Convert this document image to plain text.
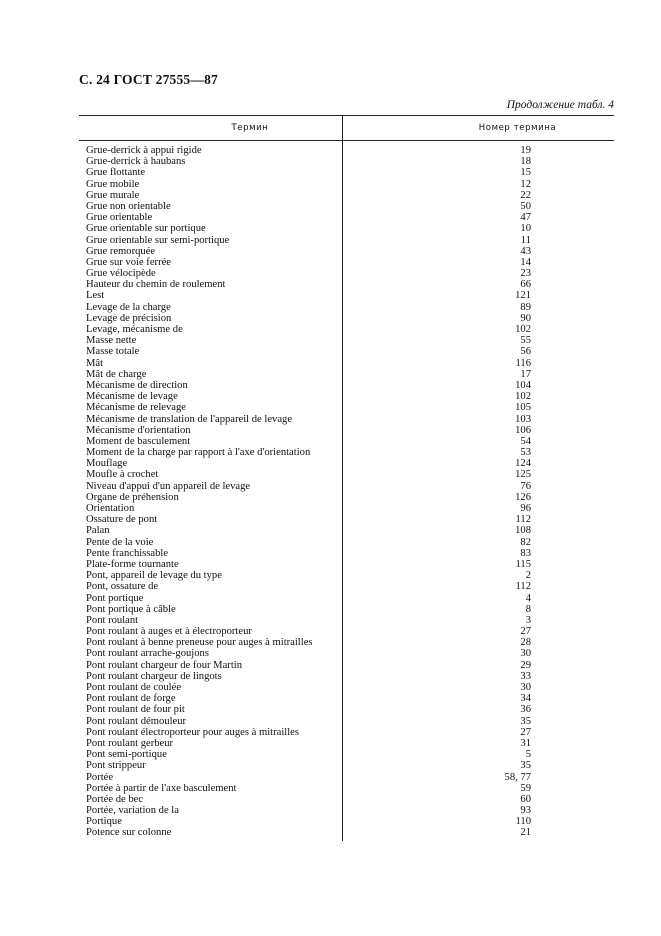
С. 24 ГОСТ 27555—87
Продолжение табл. 4
Термин	Номер термина
Grue-derrick à appui rigide	19
Grue-derrick à haubans	18
Grue flottante	15
Grue mobile	12
Grue murale	22
Grue non orientable	50
Grue orientable	47
Grue orientable sur portique	10
Grue orientable sur semi-portique	11
Grue remorquée	43
Grue sur voie ferrée	14
Grue vélocipède	23
Hauteur du chemin de roulement	66
Lest	121
Levage de la charge	89
Levage de précision	90
Levage, mécanisme de	102
Masse nette	55
Masse totale	56
Mât	116
Mât de charge	17
Mécanisme de direction	104
Mécanisme de levage	102
Mécanisme de relevage	105
Mécanisme de translation de l'appareil de levage	103
Mécanisme d'orientation	106
Moment de basculement	54
Moment de la charge par rapport à l'axe d'orientation	53
Mouflage	124
Moufle à crochet	125
Niveau d'appui d'un appareil de levage	76
Organe de préhension	126
Orientation	96
Ossature de pont	112
Palan	108
Pente de la voie	82
Pente franchissable	83
Plate-forme tournante	115
Pont, appareil de levage du type	2
Pont, ossature de	112
Pont portique	4
Pont portique à câble	8
Pont roulant	3
Pont roulant à auges et à électroporteur	27
Pont roulant à benne preneuse pour auges à mitrailles	28
Pont roulant arrache-goujons	30
Pont roulant chargeur de four Martin	29
Pont roulant chargeur de lingots	33
Pont roulant de coulée	30
Pont roulant de forge	34
Pont roulant de four pit	36
Pont roulant démouleur	35
Pont roulant électroporteur pour auges à mitrailles	27
Pont roulant gerbeur	31
Pont semi-portique	5
Pont strippeur	35
Portée	58, 77
Portée à partir de l'axe basculement	59
Portée de bec	60
Portée, variation de la	93
Portique	110
Potence sur colonne	21
